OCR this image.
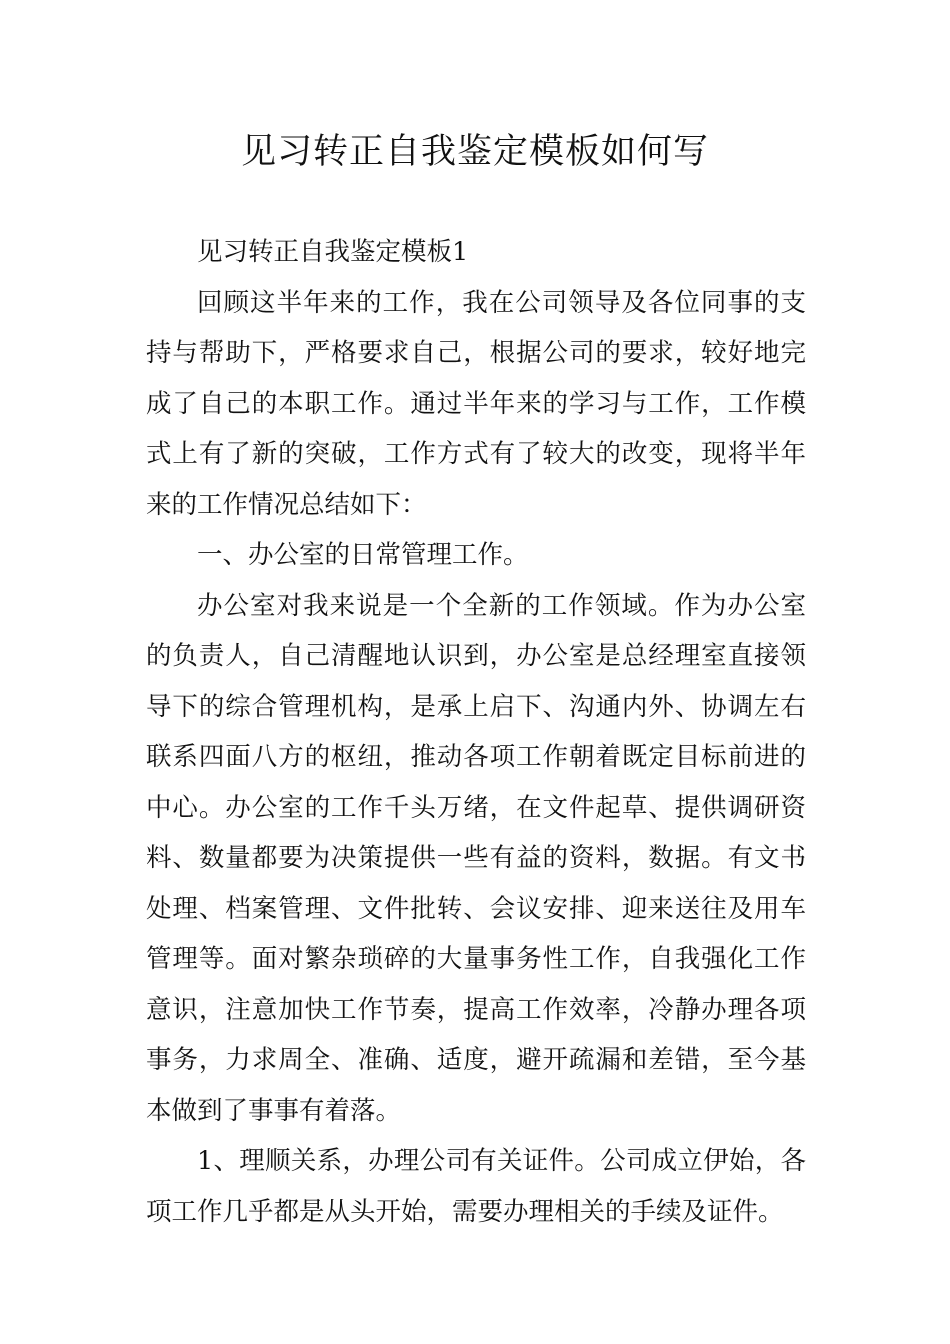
见习转正自我鉴定模板如何写

见习转正自我鉴定模板1

回顾这半年来的工作，我在公司领导及各位同事的支持与帮助下，严格要求自己，根据公司的要求，较好地完成了自己的本职工作。通过半年来的学习与工作，工作模式上有了新的突破，工作方式有了较大的改变，现将半年来的工作情况总结如下：

一、办公室的日常管理工作。

办公室对我来说是一个全新的工作领域。作为办公室的负责人，自己清醒地认识到，办公室是总经理室直接领导下的综合管理机构，是承上启下、沟通内外、协调左右联系四面八方的枢纽，推动各项工作朝着既定目标前进的中心。办公室的工作千头万绪，在文件起草、提供调研资料、数量都要为决策提供一些有益的资料，数据。有文书处理、档案管理、文件批转、会议安排、迎来送往及用车管理等。面对繁杂琐碎的大量事务性工作，自我强化工作意识，注意加快工作节奏，提高工作效率，冷静办理各项事务，力求周全、准确、适度，避开疏漏和差错，至今基本做到了事事有着落。

1、理顺关系，办理公司有关证件。公司成立伊始，各项工作几乎都是从头开始，需要办理相关的手续及证件。
